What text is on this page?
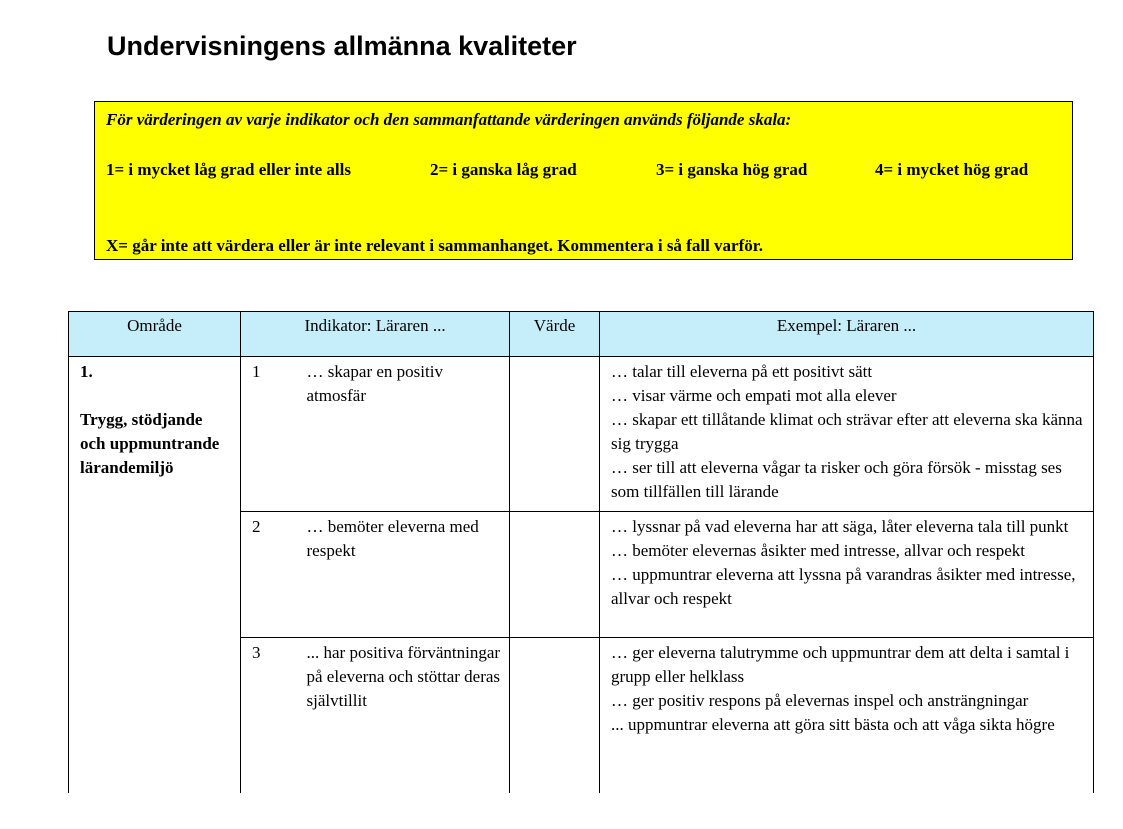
Undervisningens allmänna kvaliteter
För värderingen av varje indikator och den sammanfattande värderingen används följande skala:
1= i mycket låg grad eller inte alls	2= i ganska låg grad	3= i ganska hög grad	4= i mycket hög grad
X= går inte att värdera eller är inte relevant i sammanhanget. Kommentera i så fall varför.
Område	Indikator: Läraren ...		Värde	Exempel: Läraren ...

1.
Trygg, stödjande och uppmuntrande lärandemiljö	1	… skapar en positiv atmosfär		… talar till eleverna på ett positivt sätt
… visar värme och empati mot alla elever
… skapar ett tillåtande klimat och strävar efter att eleverna ska känna sig trygga
… ser till att eleverna vågar ta risker och göra försök - misstag ses som tillfällen till lärande

	2	… bemöter eleverna med respekt		… lyssnar på vad eleverna har att säga, låter eleverna tala till punkt
… bemöter elevernas åsikter med intresse, allvar och respekt
… uppmuntrar eleverna att lyssna på varandras åsikter med intresse, allvar och respekt

	3	... har positiva förväntningar på eleverna och stöttar deras självtillit		… ger eleverna talutrymme och uppmuntrar dem att delta i samtal i grupp eller helklass
… ger positiv respons på elevernas inspel och ansträngningar
... uppmuntrar eleverna att göra sitt bästa och att våga sikta högre
